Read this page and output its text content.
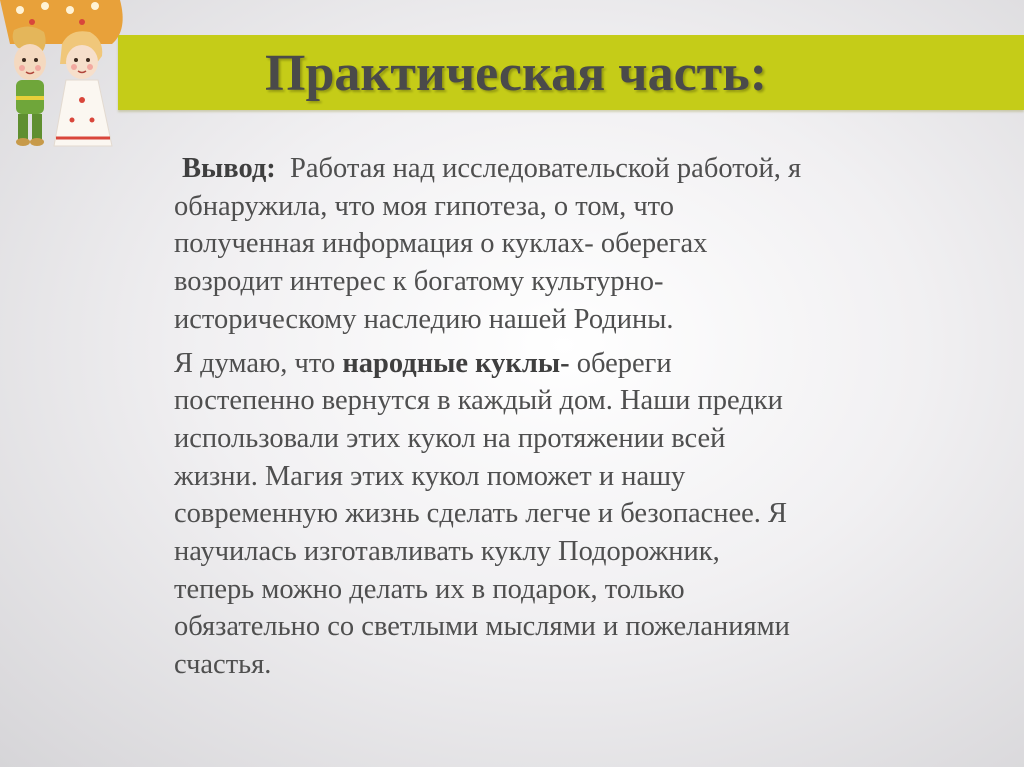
Практическая часть:

Вывод: Работая над исследовательской работой, я
обнаружила, что моя гипотеза, о том, что
полученная информация о куклах- оберегах
возродит интерес к богатому культурно-
историческому наследию нашей Родины.

Я думаю, что народные куклы- обереги
постепенно вернутся в каждый дом. Наши предки
использовали этих кукол на протяжении всей
жизни. Магия этих кукол поможет и нашу
современную жизнь сделать легче и безопаснее. Я
научилась изготавливать куклу Подорожник,
теперь можно делать их в подарок, только
обязательно со светлыми мыслями и пожеланиями
счастья.
